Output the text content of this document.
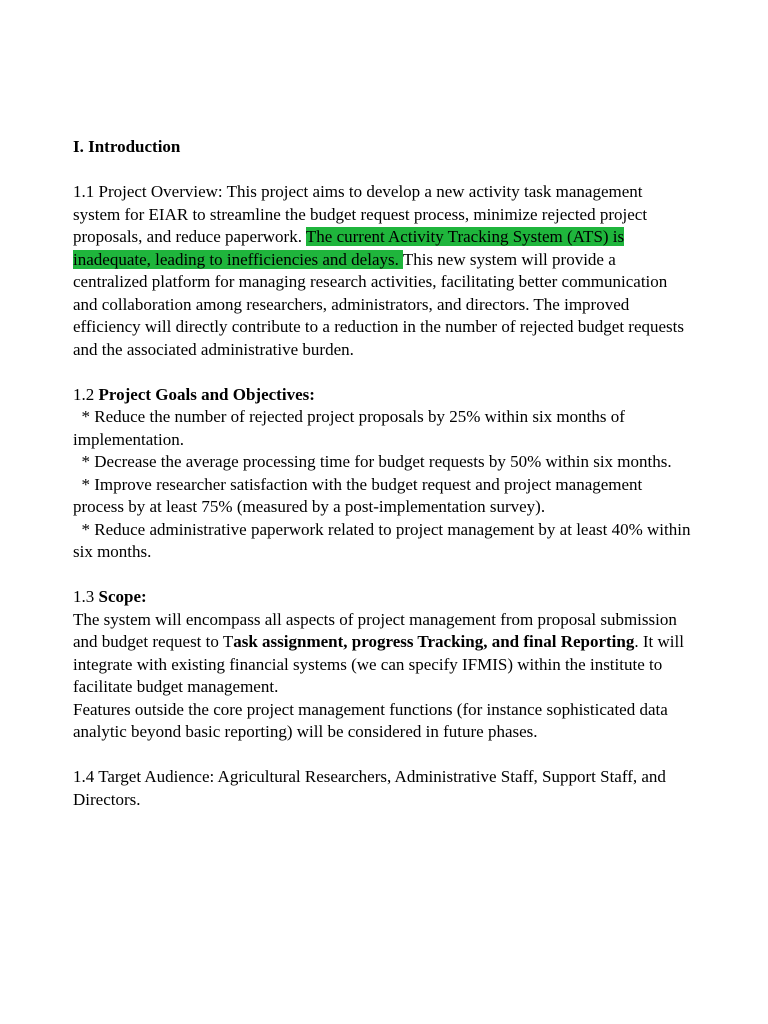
I. Introduction

1.1 Project Overview: This project aims to develop a new activity task management system for EIAR to streamline the budget request process, minimize rejected project proposals, and reduce paperwork. The current Activity Tracking System (ATS) is inadequate, leading to inefficiencies and delays. This new system will provide a centralized platform for managing research activities, facilitating better communication and collaboration among researchers, administrators, and directors. The improved efficiency will directly contribute to a reduction in the number of rejected budget requests and the associated administrative burden.

1.2 Project Goals and Objectives:

* Reduce the number of rejected project proposals by 25% within six months of implementation.

* Decrease the average processing time for budget requests by 50% within six months.

* Improve researcher satisfaction with the budget request and project management process by at least 75% (measured by a post-implementation survey).

* Reduce administrative paperwork related to project management by at least 40% within six months.

1.3 Scope:

The system will encompass all aspects of project management from proposal submission and budget request to Task assignment, progress Tracking, and final Reporting. It will integrate with existing financial systems (we can specify IFMIS) within the institute to facilitate budget management.

Features outside the core project management functions (for instance sophisticated data analytic beyond basic reporting) will be considered in future phases.

1.4 Target Audience: Agricultural Researchers, Administrative Staff, Support Staff, and Directors.
